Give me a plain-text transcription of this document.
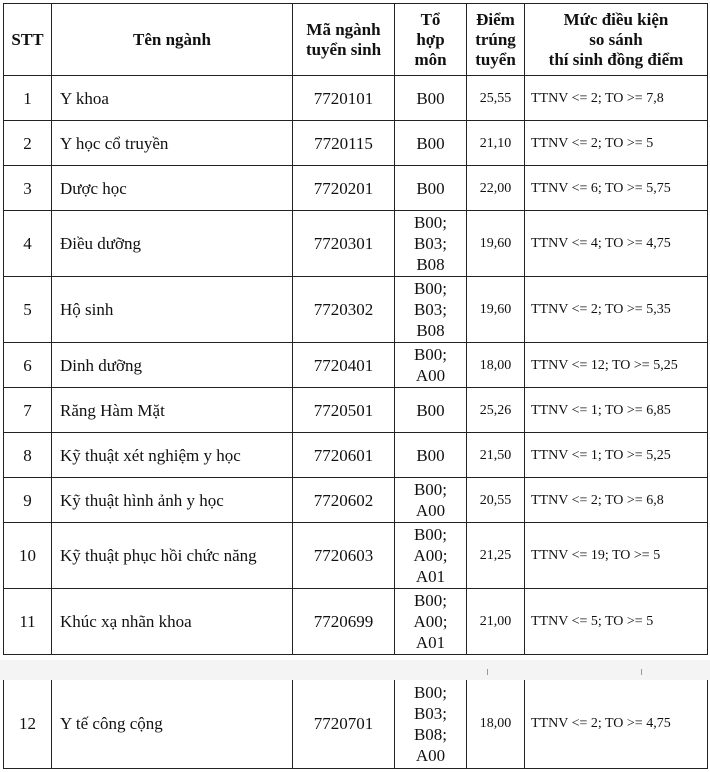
STT	Tên ngành	Mã ngành
tuyển sinh	Tổ
hợp
môn	Điểm
trúng
tuyển	Mức điều kiện
so sánh
thí sinh đồng điểm
1	Y khoa	7720101	B00	25,55	TTNV <= 2; TO >= 7,8
2	Y học cổ truyền	7720115	B00	21,10	TTNV <= 2; TO >= 5
3	Dược học	7720201	B00	22,00	TTNV <= 6; TO >= 5,75
4	Điều dưỡng	7720301	B00;
B03;
B08	19,60	TTNV <= 4; TO >= 4,75
5	Hộ sinh	7720302	B00;
B03;
B08	19,60	TTNV <= 2; TO >= 5,35
6	Dinh dưỡng	7720401	B00;
A00	18,00	TTNV <= 12; TO >= 5,25
7	Răng Hàm Mặt	7720501	B00	25,26	TTNV <= 1; TO >= 6,85
8	Kỹ thuật xét nghiệm y học	7720601	B00	21,50	TTNV <= 1; TO >= 5,25
9	Kỹ thuật hình ảnh y học	7720602	B00;
A00	20,55	TTNV <= 2; TO >= 6,8
10	Kỹ thuật phục hồi chức năng	7720603	B00;
A00;
A01	21,25	TTNV <= 19; TO >= 5
11	Khúc xạ nhãn khoa	7720699	B00;
A00;
A01	21,00	TTNV <= 5; TO >= 5
12	Y tế công cộng	7720701	B00;
B03;
B08;
A00	18,00	TTNV <= 2; TO >= 4,75
